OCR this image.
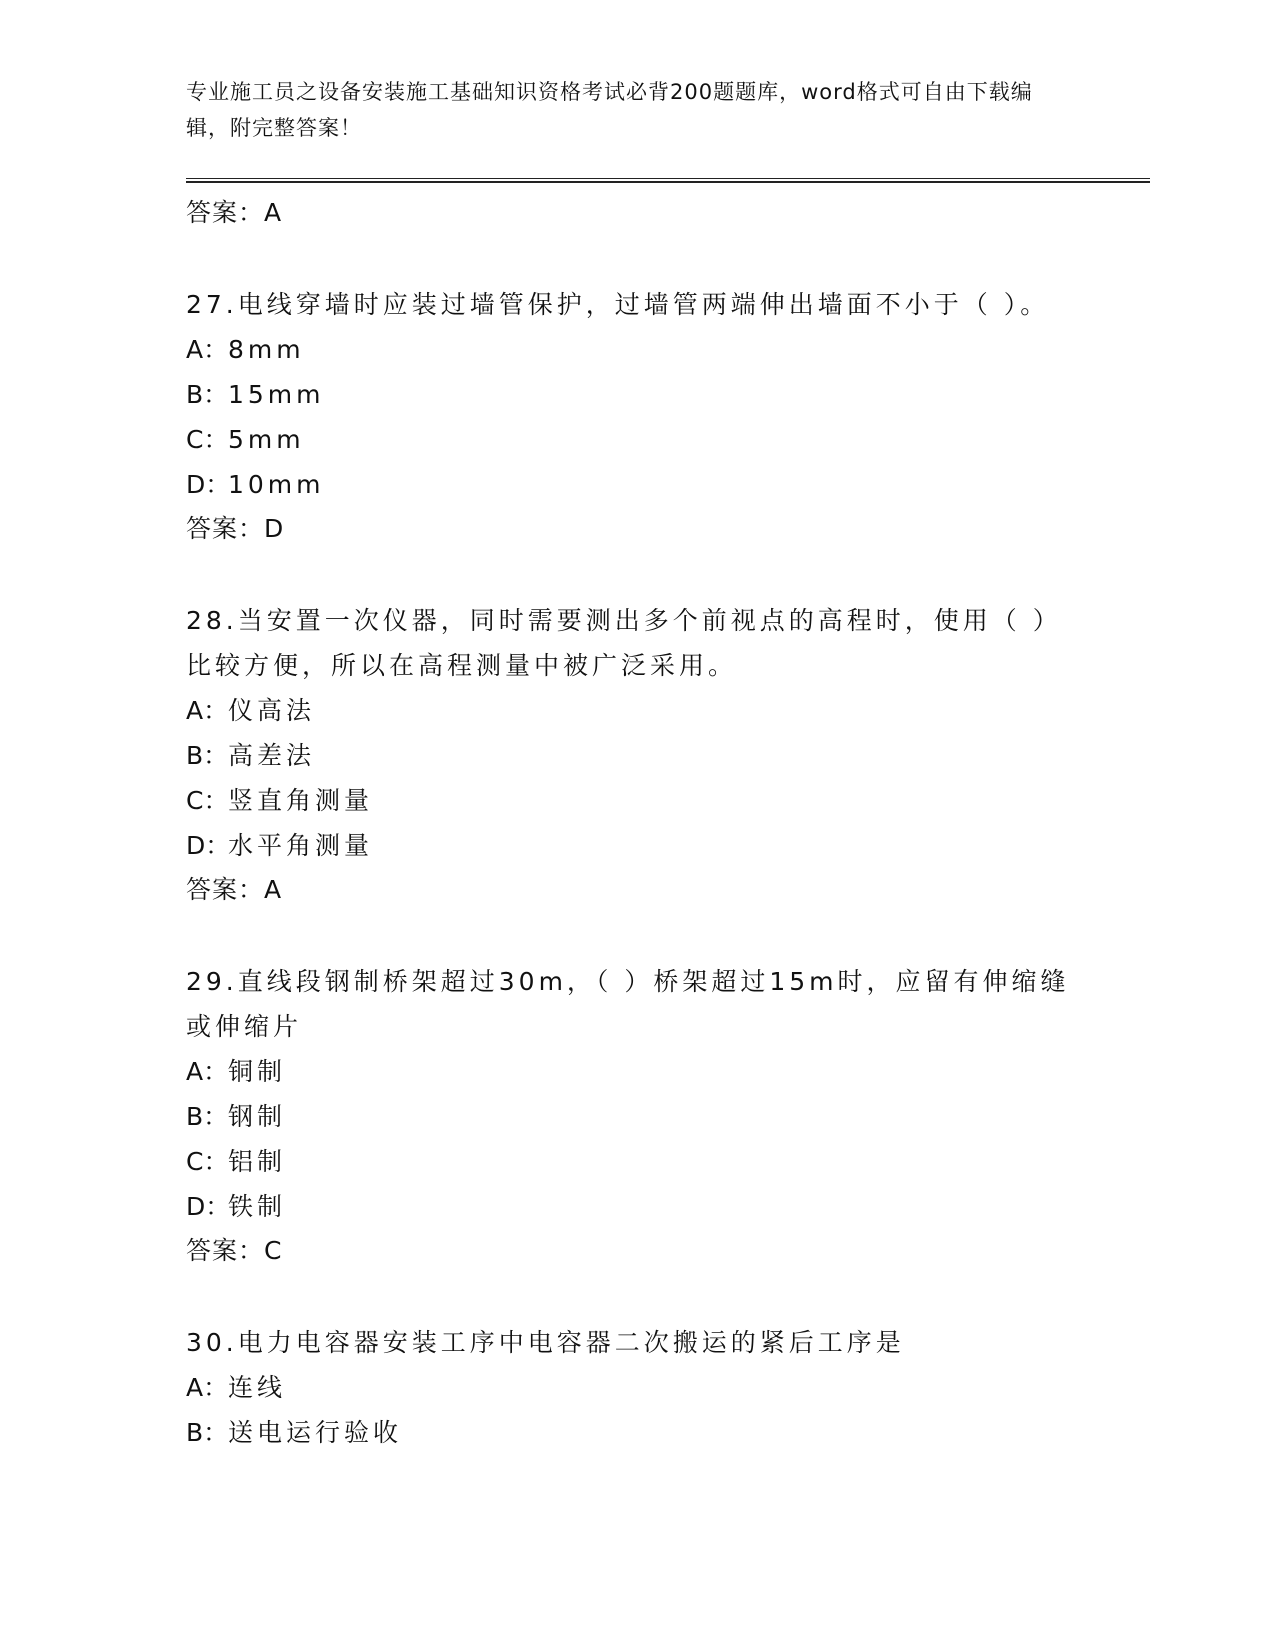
专业施工员之设备安装施工基础知识资格考试必背200题题库，word格式可自由下载编辑，附完整答案！
答案：A
27.电线穿墙时应装过墙管保护，过墙管两端伸出墙面不小于（ ）。
A：8mm
B：15mm
C：5mm
D：10mm
答案：D
28.当安置一次仪器，同时需要测出多个前视点的高程时，使用（ ）比较方便，所以在高程测量中被广泛采用。
A：仪高法
B：高差法
C：竖直角测量
D：水平角测量
答案：A
29.直线段钢制桥架超过30m，（ ）桥架超过15m时，应留有伸缩缝或伸缩片
A：铜制
B：钢制
C：铝制
D：铁制
答案：C
30.电力电容器安装工序中电容器二次搬运的紧后工序是
A：连线
B：送电运行验收
